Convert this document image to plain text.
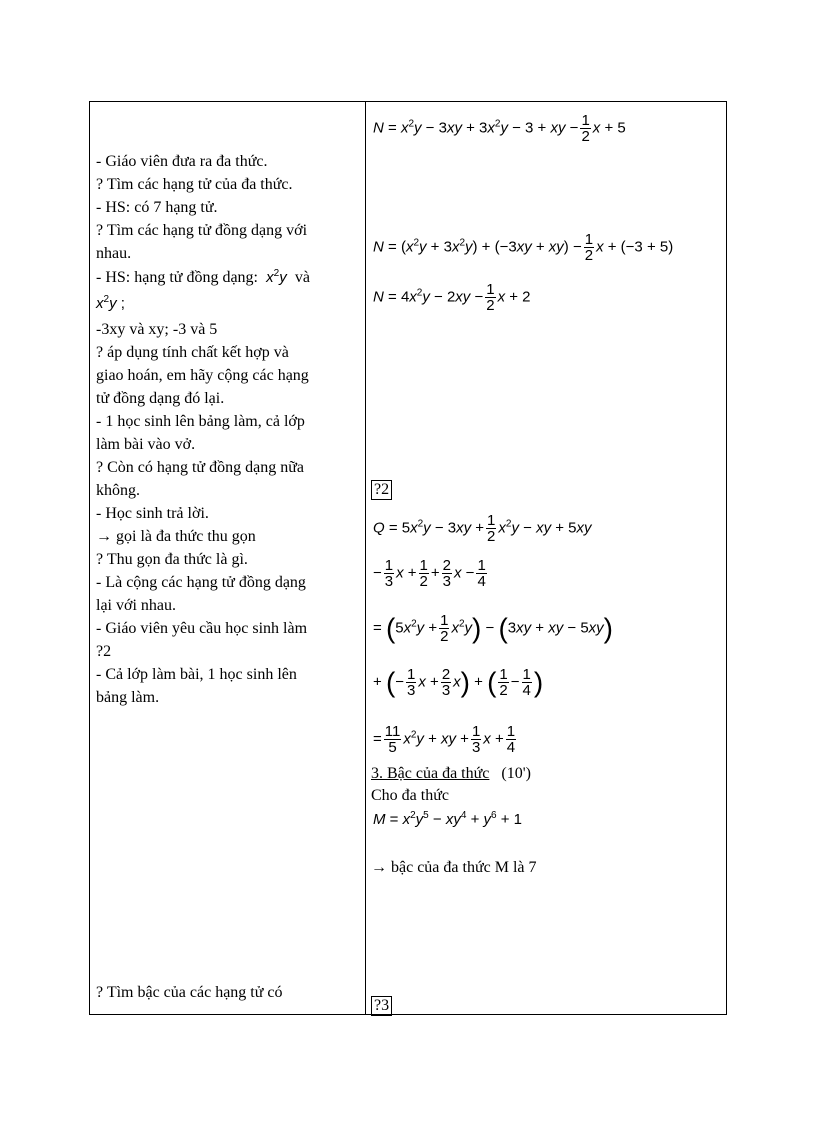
- Giáo viên đưa ra đa thức.
? Tìm các hạng tử của đa thức.
- HS: có 7 hạng tử.
? Tìm các hạng tử đồng dạng với
nhau.
- HS: hạng tử đồng dạng: $x^2y$ và
$x^2y$ ;
-3xy và xy; -3 và 5
? áp dụng tính chất kết hợp và
giao hoán, em hãy cộng các hạng
tử đồng dạng đó lại.
- 1 học sinh lên bảng làm, cả lớp
làm bài vào vở.
? Còn có hạng tử đồng dạng nữa
không.
- Học sinh trả lời.
→ gọi là đa thức thu gọn
? Thu gọn đa thức là gì.
- Là cộng các hạng tử đồng dạng
lại với nhau.
- Giáo viên yêu cầu học sinh làm
?2
- Cả lớp làm bài, 1 học sinh lên
bảng làm.
? Tìm bậc của các hạng tử có
$N = x^2y - 3xy + 3x^2y - 3$ + xy − $\frac{1}{2}$ x + 5
$N = (x^2y + 3x^2y) + (-3xy + xy) - \frac{1}{2}$ x + (−3 + 5)
$N = 4x^2y - 2xy - \frac{1}{2}$ x + 2
?2
$Q = 5x^2y - 3xy + \frac{1}{2} x^2y$ − xy + 5xy
− $\frac{1}{3}$ $x + \frac{1}{2} + \frac{2}{3}$ $x - \frac{1}{4}$
= $(5x^2y + \frac{1}{2} x^2y) - (3xy$ + xy − 5xy)
+ (− $\frac{1}{3}$ $x + \frac{2}{3} x$) + ( $\frac{1}{2} - \frac{1}{4}$ )
= $\frac{11}{5} x^2y$ + xy + $\frac{1}{3}$ $x + \frac{1}{4}$
3. Bậc của đa thức (10')
Cho đa thức
$M = x^2y^5 - xy^4 + y^6 + 1$
→ bậc của đa thức M là 7
?3
